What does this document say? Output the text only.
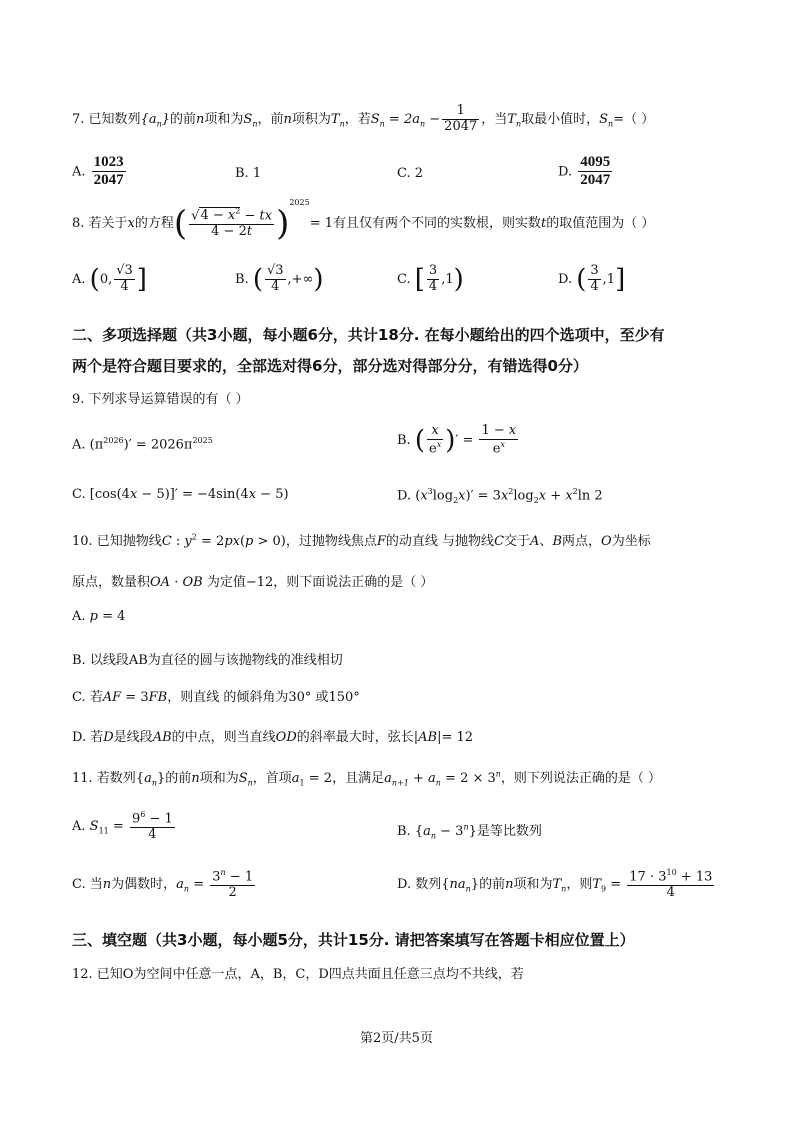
7. 已知数列$\{a_n\}$的前n项和为$S_n$，前n项积为$T_n$，若$S_n = 2a_n - \frac{1}{2047}$ ，当$T_n$取最小值时，$S_n=$（ ）
A. $\frac{1023}{2047}$	B. 1	C. 2	D. $\frac{4095}{2047}$
8. 若关于x的方程( $\frac{√4 - x^2 - tx}{4 - 2t} )^{2025}= 1$有且仅有两个不同的实数根，则实数t的取值范围为（ ）
A. (0, $\frac{√3}{4}$ ]	B. ( $\frac{√3}{4}$ ,+∞)	C. [ $\frac{3}{4} ,1$)	D. ( $\frac{3}{4} ,1$]
二、多项选择题（共3小题，每小题6分，共计18分. 在每小题给出的四个选项中，至少有
两个是符合题目要求的，全部选对得6分，部分选对得部分分，有错选得0分）
9. 下列求导运算错误的有（ ）
A. $(\pi^{2026})' = 2026\pi^{2025}$	B. ( $\frac{x}{e^x}$ )′ = $\frac{1 - x}{e^x}$
C. [cos(4x − 5)]′ = −4sin(4x − 5)	D. $(x^3\log_2x)' = 3x^2\log_2x + x^2\ln$ 2
10. 已知抛物线C : $y^2 = 2px(p > 0)$，过抛物线焦点F的动直线 与抛物线C交于A、B两点，O为坐标
原点，数量积OA · OB 为定值−12，则下面说法正确的是（ ）
A. p = 4
B. 以线段AB为直径的圆与该抛物线的准线相切
C. 若AF = 3FB，则直线 的倾斜角为30° 或150°
D. 若D是线段AB的中点，则当直线OD的斜率最大时，弦长|AB|= 12
11. 若数列$\{a_n\}$的前n项和为$S_n$，首项$a_1 = 2$，且满足$a_{n+1} + a_n = 2 \times 3^n$，则下列说法正确的是（ ）
A. $S_{11} = \frac{9^6 - 1}{4}$	B. $\{a_n - 3^n\}$是等比数列
C. 当n为偶数时，$a_n = \frac{3^n - 1}{2}$	D. 数列$\{na_n\}$的前n项和为$T_n$，则$T_9 = \frac{17 \cdot 3^{10} + 13}{4}$
三、填空题（共3小题，每小题5分，共计15分. 请把答案填写在答题卡相应位置上）
12. 已知O为空间中任意一点，A，B，C，D四点共面且任意三点均不共线，若
第2页/共5页
